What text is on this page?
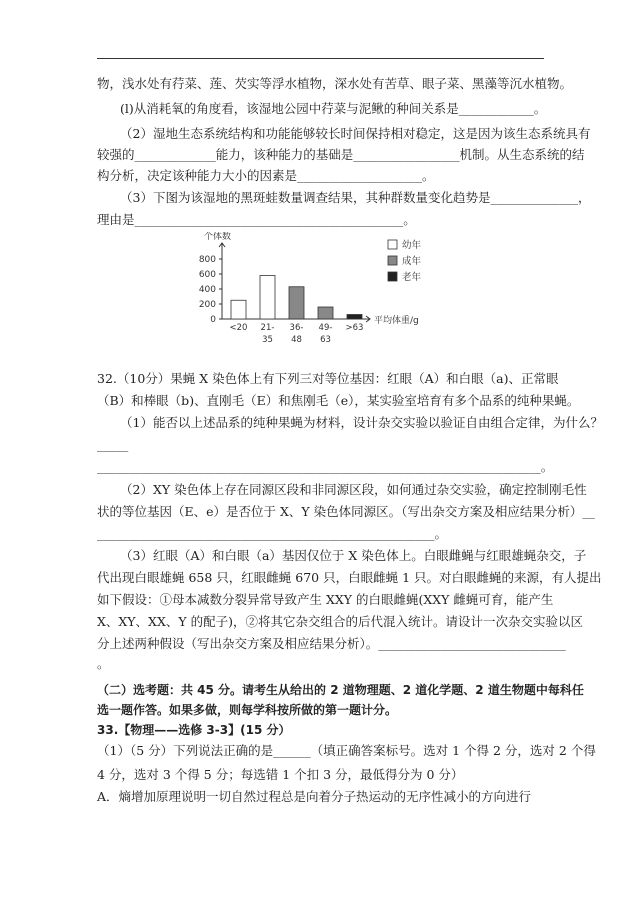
物，浅水处有荇菜、莲、芡实等浮水植物，深水处有苦草、眼子菜、黑藻等沉水植物。
(l)从消耗氧的角度看，该湿地公园中荇菜与泥鳅的种间关系是____________。
（2）湿地生态系统结构和功能能够较长时间保持相对稳定，这是因为该生态系统具有
较强的_____________能力，该种能力的基础是_________________机制。从生态系统的结
构分析，决定该种能力大小的因素是____________________。
（3）下图为该湿地的黑斑蛙数量调查结果，其种群数量变化趋势是______________，
理由是___________________________________________。
0
200
400
600
800
个体数
平均体重/g
<20 21-
35
36-
48
49-
63
>63
幼年
成年
老年
32.（10分）果蝇 X 染色体上有下列三对等位基因：红眼（A）和白眼（a)、正常眼
（B）和棒眼（b)、直刚毛（E）和焦刚毛（e），某实验室培育有多个品系的纯种果蝇。
（1）能否以上述品系的纯种果蝇为材料，设计杂交实验以验证自由组合定律，为什么？
_____
_______________________________________________________________________。
（2）XY 染色体上存在同源区段和非同源区段，如何通过杂交实验，确定控制刚毛性
状的等位基因（E、e）是否位于 X、Y 染色体同源区。（写出杂交方案及相应结果分析）__
______________________________________________________。
（3）红眼（A）和白眼（a）基因仅位于 X 染色体上。白眼雌蝇与红眼雄蝇杂交，子
代出现白眼雄蝇 658 只，红眼雌蝇 670 只，白眼雌蝇 1 只。对白眼雌蝇的来源，有人提出
如下假设：①母本减数分裂异常导致产生 XXY 的白眼雌蝇(XXY 雌蝇可育，能产生
X、XY、XX、Y 的配子)，②将其它杂交组合的后代混入统计。请设计一次杂交实验以区
分上述两种假设（写出杂交方案及相应结果分析）。______________________________
。
（二）选考题：共 45 分。请考生从给出的 2 道物理题、2 道化学题、2 道生物题中每科任
选一题作答。如果多做，则每学科按所做的第一题计分。
33.【物理——选修 3-3】(15 分）
（1）（5 分）下列说法正确的是______（填正确答案标号。选对 1 个得 2 分，选对 2 个得
4 分，选对 3 个得 5 分；每选错 1 个扣 3 分，最低得分为 0 分）
A．熵增加原理说明一切自然过程总是向着分子热运动的无序性减小的方向进行
